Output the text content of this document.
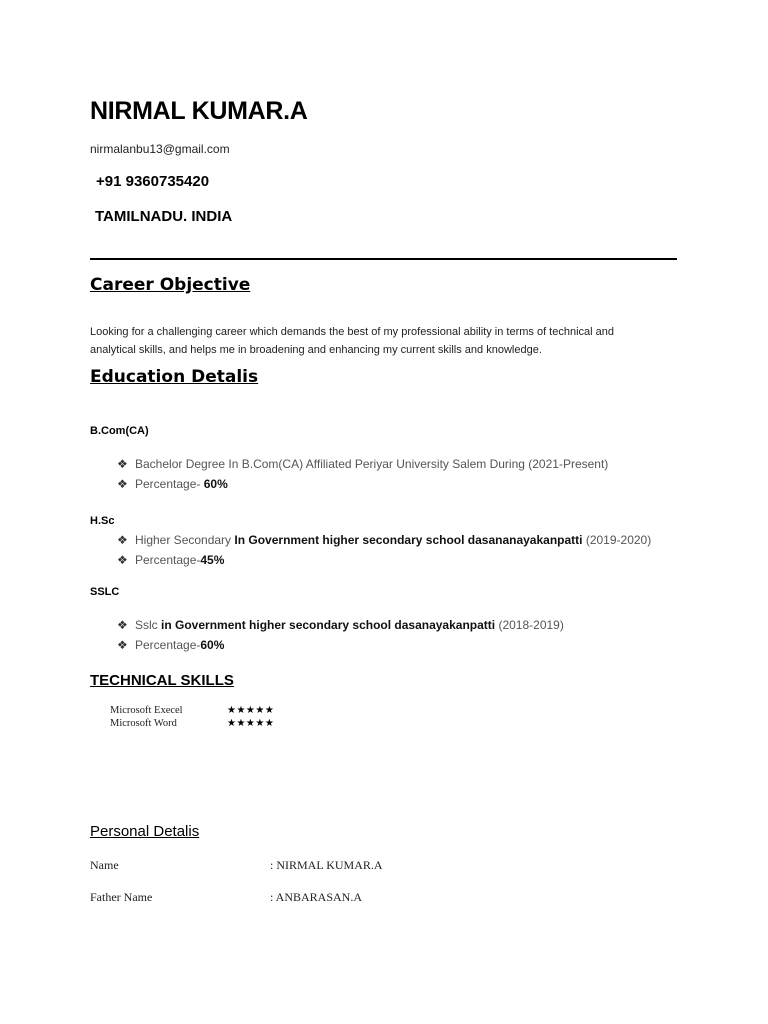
NIRMAL KUMAR.A
nirmalanbu13@gmail.com
+91 9360735420
TAMILNADU. INDIA
Career Objective
Looking for a challenging career which demands the best of my professional ability in terms of technical and
analytical skills, and helps me in broadening and enhancing my current skills and knowledge.
Education Detalis
B.Com(CA)
❖ Bachelor Degree In B.Com(CA) Affiliated Periyar University Salem During (2021-Present)
❖ Percentage- 60%
H.Sc
❖ Higher Secondary In Government higher secondary school dasananayakanpatti (2019-2020)
❖ Percentage-45%
SSLC
❖ Sslc in Government higher secondary school dasanayakanpatti (2018-2019)
❖ Percentage-60%
TECHNICAL SKILLS
Microsoft Execel	★★★★★
Microsoft Word	★★★★★
Personal Detalis
Name	: NIRMAL KUMAR.A
Father Name	: ANBARASAN.A
